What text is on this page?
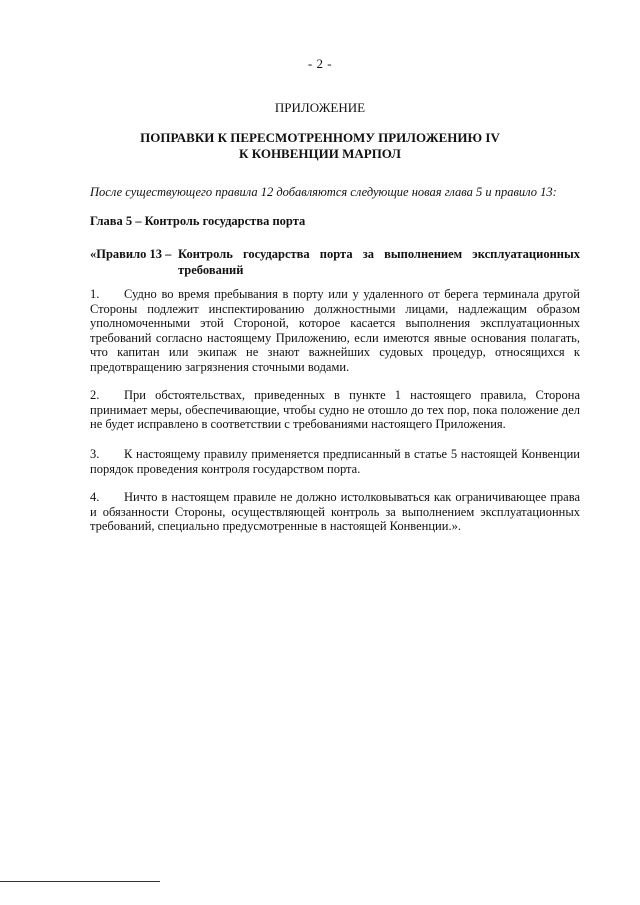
- 2 -
ПРИЛОЖЕНИЕ
ПОПРАВКИ К ПЕРЕСМОТРЕННОМУ ПРИЛОЖЕНИЮ IV
К КОНВЕНЦИИ МАРПОЛ
После существующего правила 12 добавляются следующие новая глава 5 и правило 13:
Глава 5 – Контроль государства порта
«Правило 13 – Контроль государства порта за выполнением эксплуатационных требований
1. Судно во время пребывания в порту или у удаленного от берега терминала другой Стороны подлежит инспектированию должностными лицами, надлежащим образом уполномоченными этой Стороной, которое касается выполнения эксплуатационных требований согласно настоящему Приложению, если имеются явные основания полагать, что капитан или экипаж не знают важнейших судовых процедур, относящихся к предотвращению загрязнения сточными водами.
2. При обстоятельствах, приведенных в пункте 1 настоящего правила, Сторона принимает меры, обеспечивающие, чтобы судно не отошло до тех пор, пока положение дел не будет исправлено в соответствии с требованиями настоящего Приложения.
3. К настоящему правилу применяется предписанный в статье 5 настоящей Конвенции порядок проведения контроля государством порта.
4. Ничто в настоящем правиле не должно истолковываться как ограничивающее права и обязанности Стороны, осуществляющей контроль за выполнением эксплуатационных требований, специально предусмотренные в настоящей Конвенции.».
